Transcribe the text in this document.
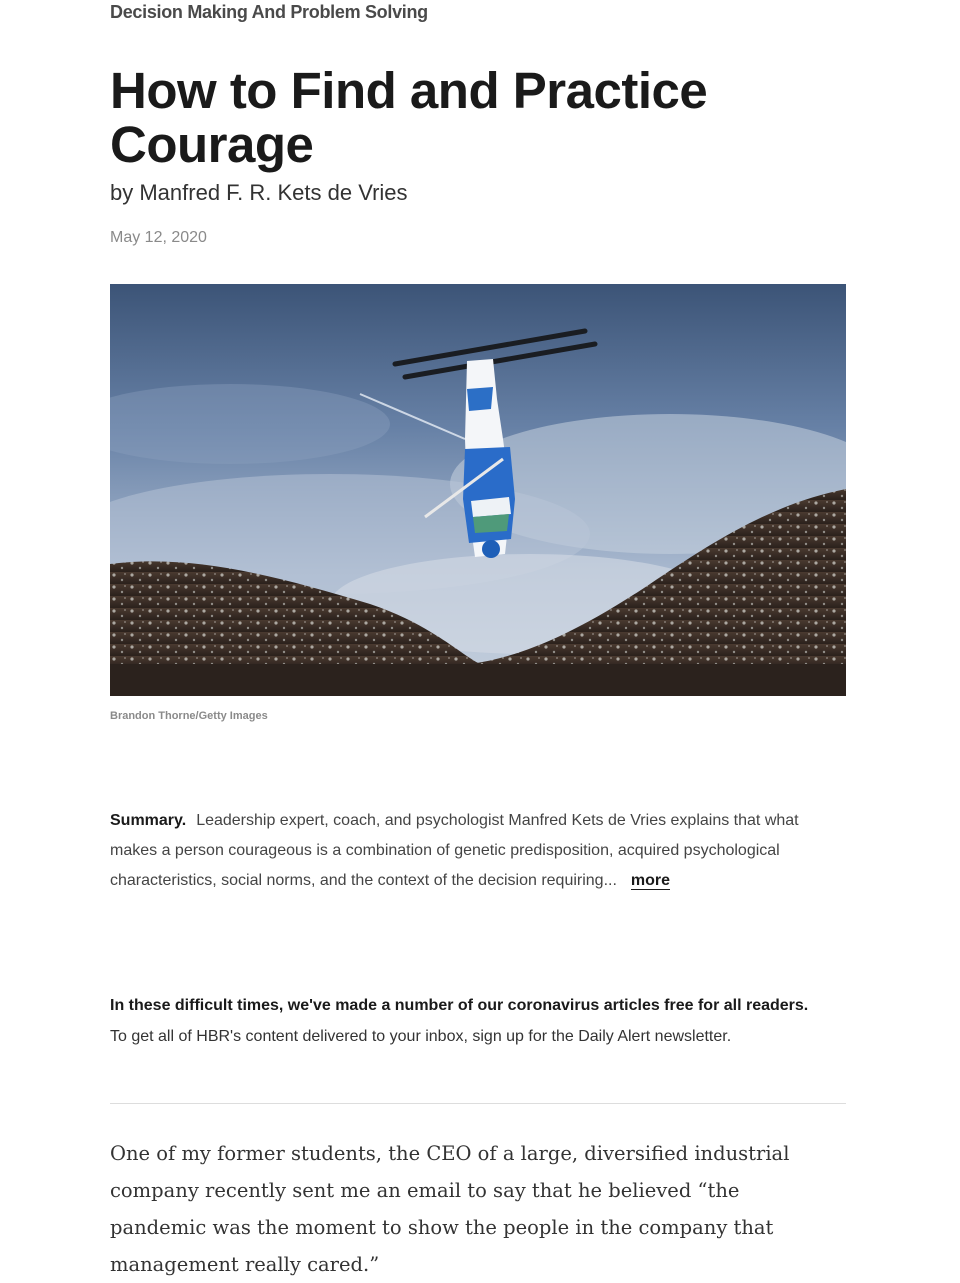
Decision Making And Problem Solving
How to Find and Practice Courage
by Manfred F. R. Kets de Vries
May 12, 2020
Brandon Thorne/Getty Images
Summary. Leadership expert, coach, and psychologist Manfred Kets de Vries explains that what makes a person courageous is a combination of genetic predisposition, acquired psychological characteristics, social norms, and the context of the decision requiring... more
In these difficult times, we've made a number of our coronavirus articles free for all readers.
To get all of HBR's content delivered to your inbox, sign up for the Daily Alert newsletter.

One of my former students, the CEO of a large, diversified industrial company recently sent me an email to say that he believed “the pandemic was the moment to show the people in the company that management really cared.”
